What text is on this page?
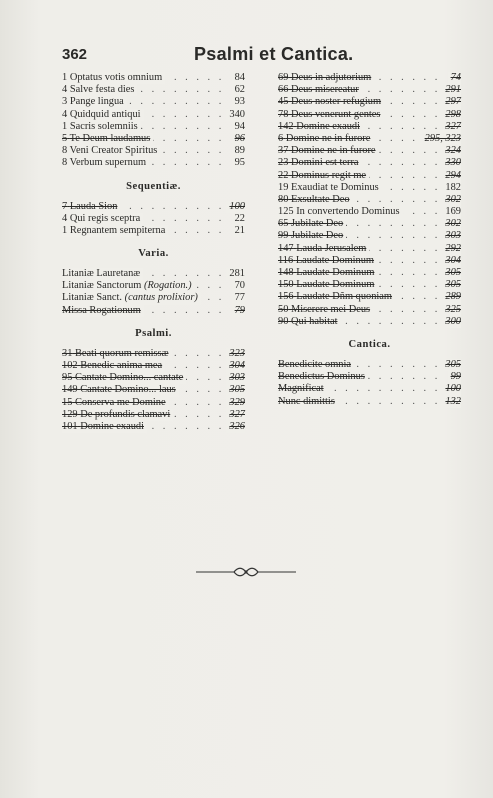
362	Psalmi et Cantica.
. . .
1 Optatus votis omnium	84
. . .
4 Salve festa dies	62
. . .
3 Pange lingua	93
. . .
4 Quidquid antiqui	340
. . .
1 Sacris solemniis	94
. . .
5 Te Deum laudamus	96
. . .
8 Veni Creator Spiritus	89
. . .
8 Verbum supernum	95
Sequentiæ.
. . .
7 Lauda Sion	100
. . .
4 Qui regis sceptra	22
. . .
1 Regnantem sempiterna	21
Varia.
. . .
Litaniæ Lauretanæ	281
. . .
Litaniæ Sanctorum (Rogation.)	70
. . .
Litaniæ Sanct. (cantus prolixior)	77
. . .
Missa Rogationum	79
Psalmi.
. . .
31 Beati quorum remissæ	323
. . .
102 Benedic anima mea	304
. . .
95 Cantate Domino... cantate	303
. . .
149 Cantate Domino... laus	305
. . .
15 Conserva me Domine	329
. . .
129 De profundis clamavi	327
. . .
101 Domine exaudi	326
. . .
69 Deus in adjutorium	74
. . .
66 Deus misereatur	291
. . .
45 Deus noster refugium	297
. . .
78 Deus venerunt gentes	298
. . .
142 Domine exaudi	327
. . .
6 Domine ne in furore	295, 323
. . .
37 Domine ne in furore	324
. . .
23 Domini est terra	330
. . .
22 Dominus regit me	294
. . .
19 Exaudiat te Dominus	182
. . .
80 Exsultate Deo	302
. . .
125 In convertendo Dominus	169
. . .
65 Jubilate Deo	302
. . .
99 Jubilate Deo	303
. . .
147 Lauda Jerusalem	292
. . .
116 Laudate Dominum	304
. . .
148 Laudate Dominum	305
. . .
150 Laudate Dominum	305
. . .
156 Laudate Dñm quoniam	289
. . .
50 Miserere mei Deus	325
. . .
90 Qui habitat	300
Cantica.
. . .
Benedicite omnia	305
. . .
Benedictus Dominus	99
. . .
Magnificat	100
. . .
Nunc dimittis	132
